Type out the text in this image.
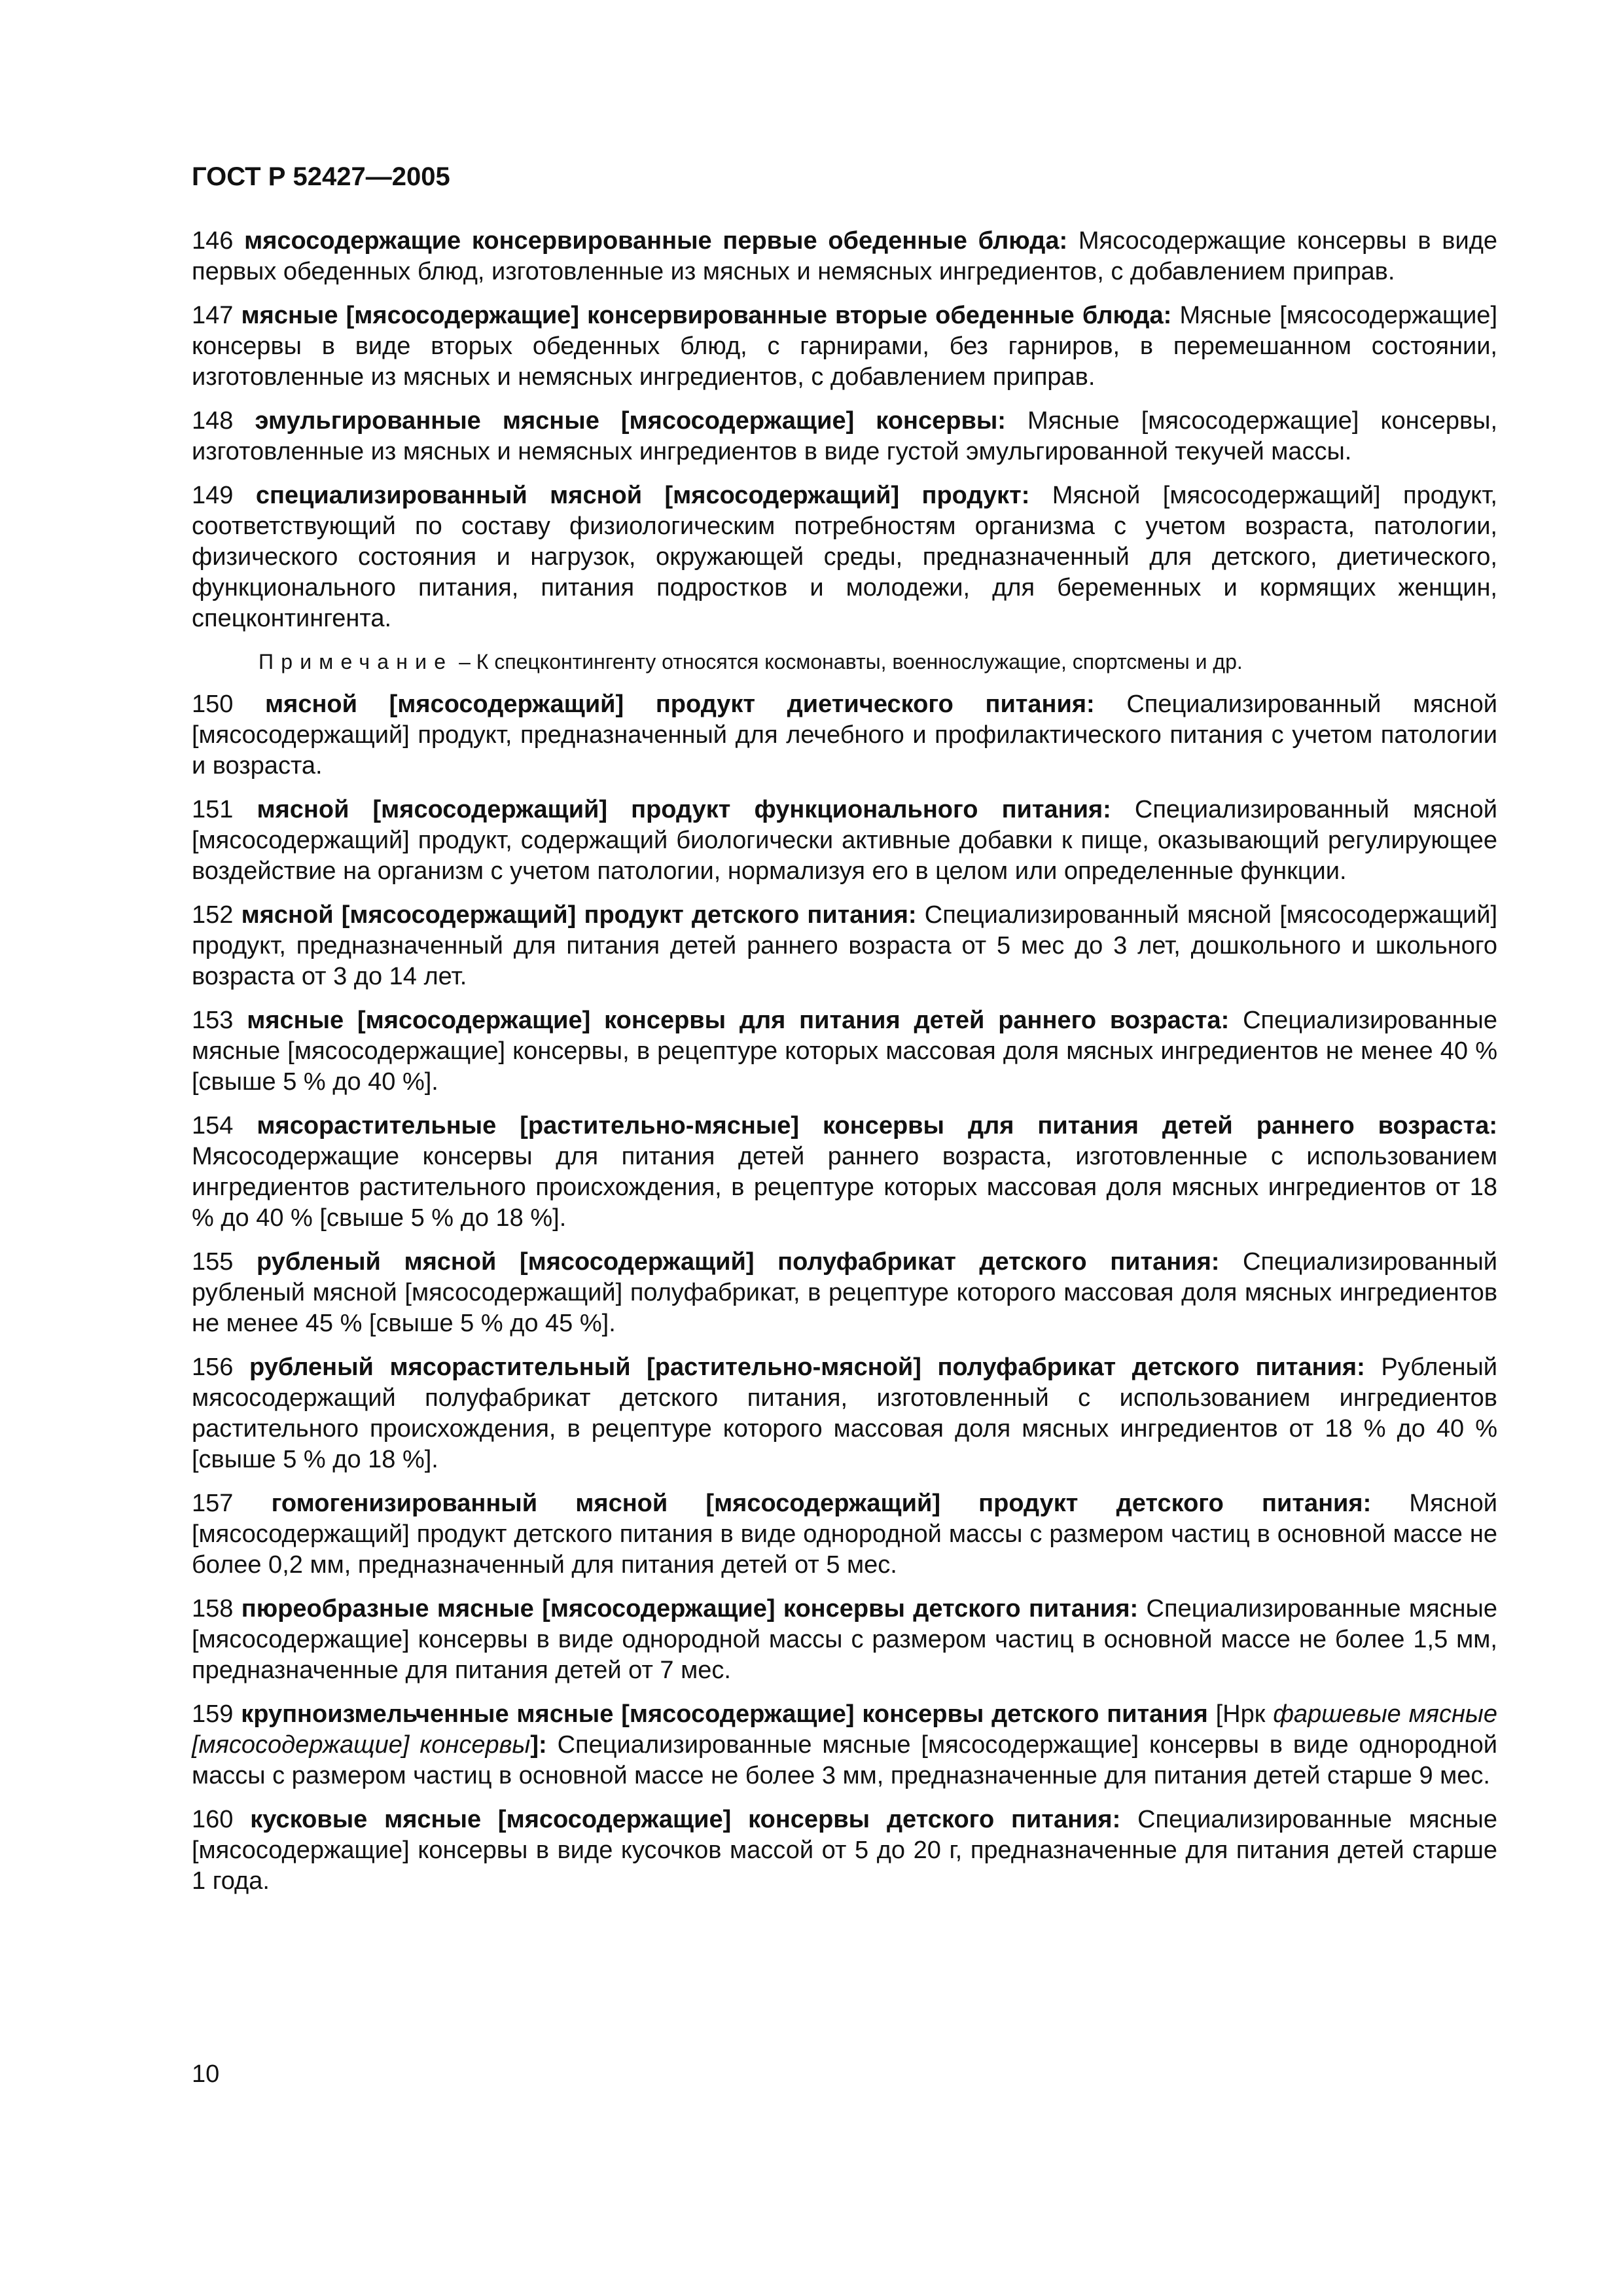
ГОСТ Р 52427—2005

146 мясосодержащие консервированные первые обеденные блюда: Мясосодержащие консервы в виде первых обеденных блюд, изготовленные из мясных и немясных ингредиентов, с добавлением приправ.

147 мясные [мясосодержащие] консервированные вторые обеденные блюда: Мясные [мясосодержащие] консервы в виде вторых обеденных блюд, с гарнирами, без гарниров, в перемешанном состоянии, изготовленные из мясных и немясных ингредиентов, с добавлением приправ.

148 эмульгированные мясные [мясосодержащие] консервы: Мясные [мясосодержащие] консервы, изготовленные из мясных и немясных ингредиентов в виде густой эмульгированной текучей массы.

149 специализированный мясной [мясосодержащий] продукт: Мясной [мясосодержащий] продукт, соответствующий по составу физиологическим потребностям организма с учетом возраста, патологии, физического состояния и нагрузок, окружающей среды, предназначенный для детского, диетического, функционального питания, питания подростков и молодежи, для беременных и кормящих женщин, спецконтингента.

Примечание – К спецконтингенту относятся космонавты, военнослужащие, спортсмены и др.

150 мясной [мясосодержащий] продукт диетического питания: Специализированный мясной [мясосодержащий] продукт, предназначенный для лечебного и профилактического питания с учетом патологии и возраста.

151 мясной [мясосодержащий] продукт функционального питания: Специализированный мясной [мясосодержащий] продукт, содержащий биологически активные добавки к пище, оказывающий регулирующее воздействие на организм с учетом патологии, нормализуя его в целом или определенные функции.

152 мясной [мясосодержащий] продукт детского питания: Специализированный мясной [мясосодержащий] продукт, предназначенный для питания детей раннего возраста от 5 мес до 3 лет, дошкольного и школьного возраста от 3 до 14 лет.

153 мясные [мясосодержащие] консервы для питания детей раннего возраста: Специализированные мясные [мясосодержащие] консервы, в рецептуре которых массовая доля мясных ингредиентов не менее 40 % [свыше 5 % до 40 %].

154 мясорастительные [растительно-мясные] консервы для питания детей раннего возраста: Мясосодержащие консервы для питания детей раннего возраста, изготовленные с использованием ингредиентов растительного происхождения, в рецептуре которых массовая доля мясных ингредиентов от 18 % до 40 % [свыше 5 % до 18 %].

155 рубленый мясной [мясосодержащий] полуфабрикат детского питания: Специализированный рубленый мясной [мясосодержащий] полуфабрикат, в рецептуре которого массовая доля мясных ингредиентов не менее 45 % [свыше 5 % до 45 %].

156 рубленый мясорастительный [растительно-мясной] полуфабрикат детского питания: Рубленый мясосодержащий полуфабрикат детского питания, изготовленный с использованием ингредиентов растительного происхождения, в рецептуре которого массовая доля мясных ингредиентов от 18 % до 40 % [свыше 5 % до 18 %].

157 гомогенизированный мясной [мясосодержащий] продукт детского питания: Мясной [мясосодержащий] продукт детского питания в виде однородной массы с размером частиц в основной массе не более 0,2 мм, предназначенный для питания детей от 5 мес.

158 пюреобразные мясные [мясосодержащие] консервы детского питания: Специализированные мясные [мясосодержащие] консервы в виде однородной массы с размером частиц в основной массе не более 1,5 мм, предназначенные для питания детей от 7 мес.

159 крупноизмельченные мясные [мясосодержащие] консервы детского питания [Нрк фаршевые мясные [мясосодержащие] консервы]: Специализированные мясные [мясосодержащие] консервы в виде однородной массы с размером частиц в основной массе не более 3 мм, предназначенные для питания детей старше 9 мес.

160 кусковые мясные [мясосодержащие] консервы детского питания: Специализированные мясные [мясосодержащие] консервы в виде кусочков массой от 5 до 20 г, предназначенные для питания детей старше 1 года.

10
